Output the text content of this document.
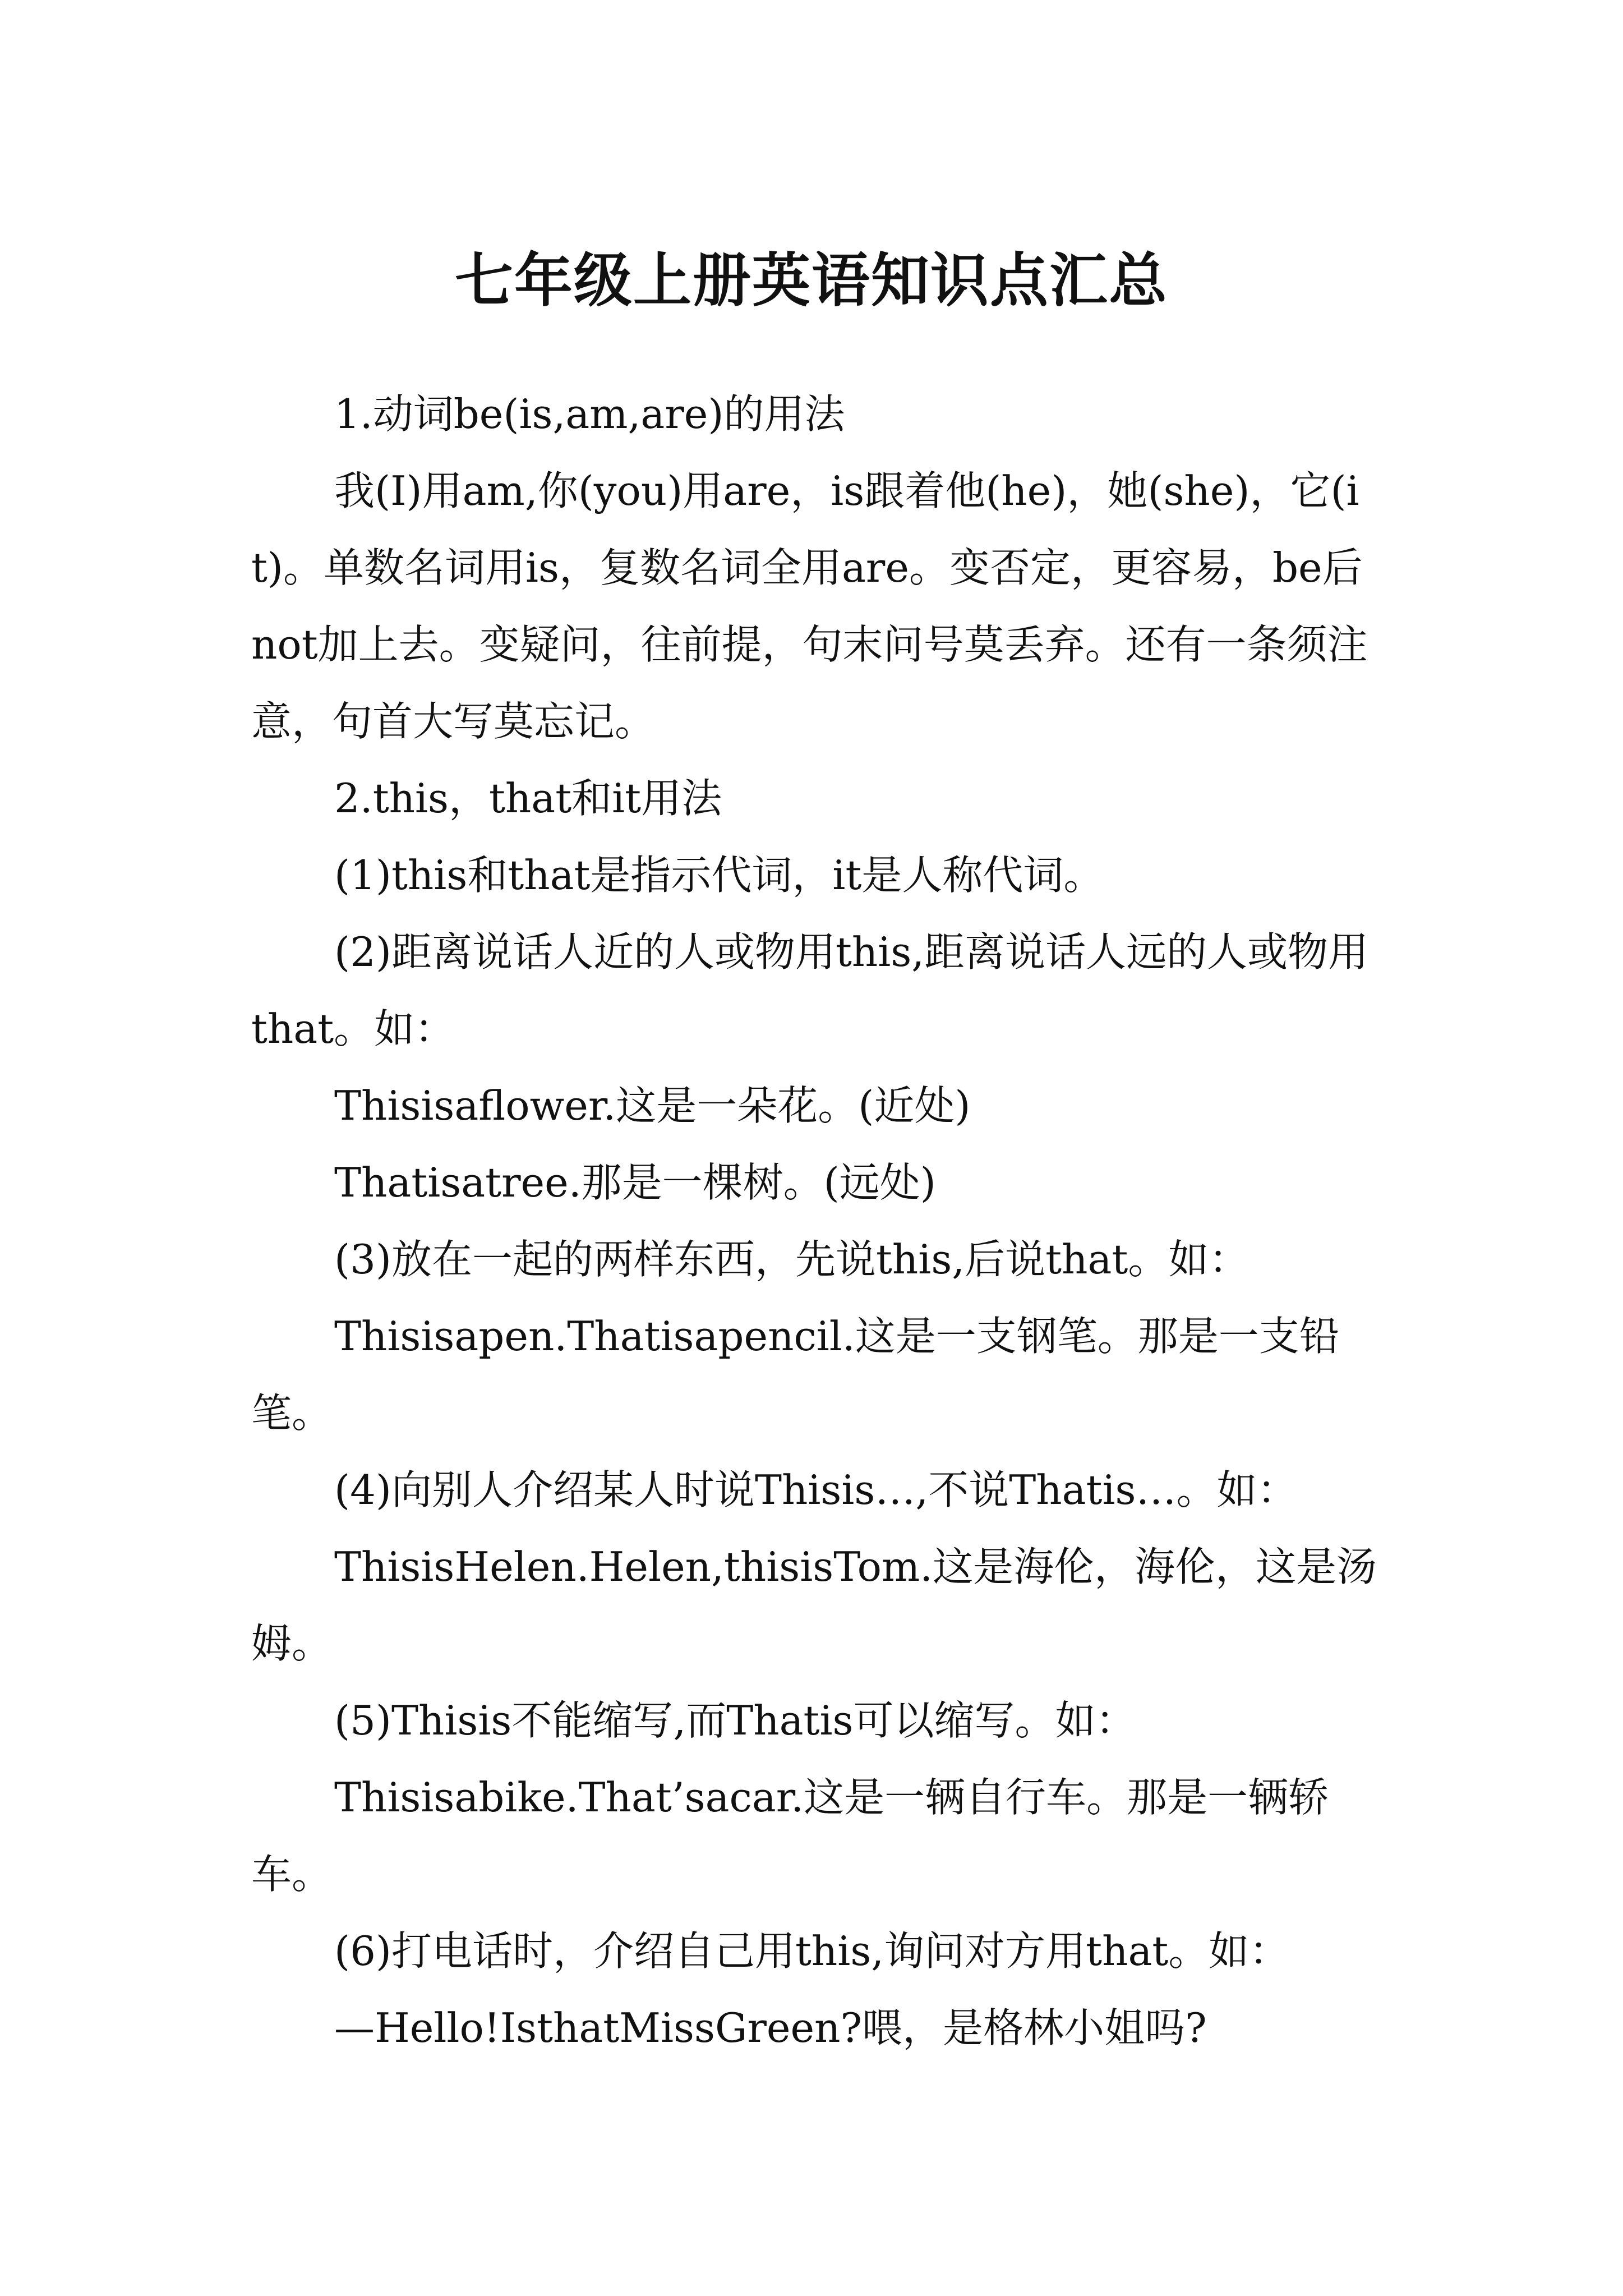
七年级上册英语知识点汇总

1.动词be(is,am,are)的用法

我(I)用am,你(you)用are，is跟着他(he)，她(she)，它(it)。单数名词用is，复数名词全用are。变否定，更容易，be后not加上去。变疑问，往前提，句末问号莫丢弃。还有一条须注意，句首大写莫忘记。

2.this，that和it用法

(1)this和that是指示代词，it是人称代词。

(2)距离说话人近的人或物用this,距离说话人远的人或物用that。如：

Thisisaflower.这是一朵花。(近处)

Thatisatree.那是一棵树。(远处)

(3)放在一起的两样东西，先说this,后说that。如：

Thisisapen.Thatisapencil.这是一支钢笔。那是一支铅笔。

(4)向别人介绍某人时说Thisis…,不说Thatis…。如：

ThisisHelen.Helen,thisisTom.这是海伦，海伦，这是汤姆。

(5)Thisis不能缩写,而Thatis可以缩写。如：

Thisisabike.That’sacar.这是一辆自行车。那是一辆轿车。

(6)打电话时，介绍自己用this,询问对方用that。如：

—Hello!IsthatMissGreen?喂，是格林小姐吗?
